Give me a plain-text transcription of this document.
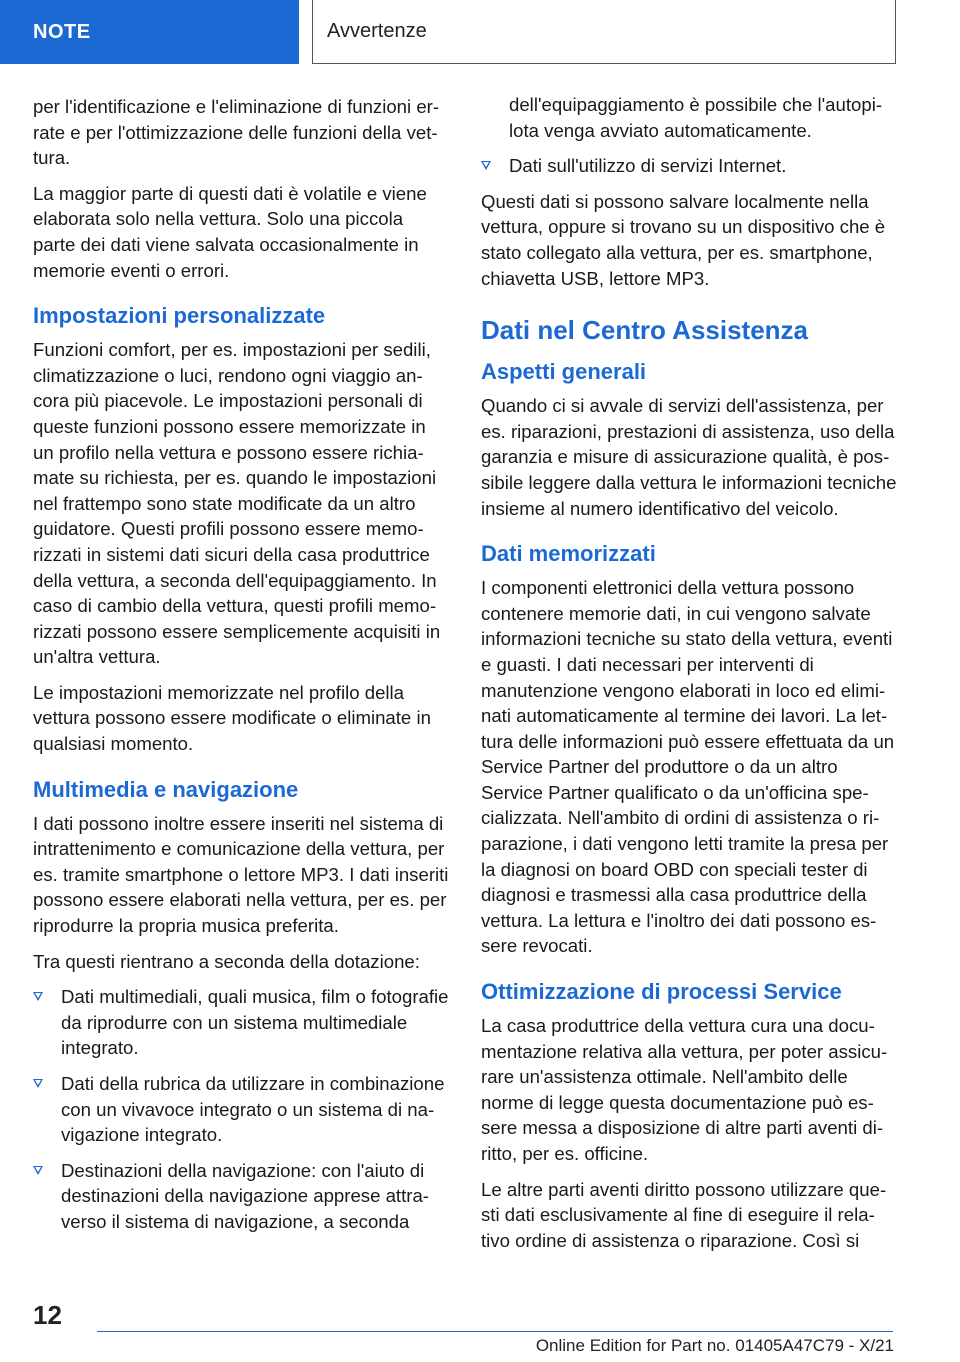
NOTE	Avvertenze

per l'identificazione e l'eliminazione di funzioni errate e per l'ottimizzazione delle funzioni della vettura.

La maggior parte di questi dati è volatile e viene elaborata solo nella vettura. Solo una piccola parte dei dati viene salvata occasionalmente in memorie eventi o errori.

Impostazioni personalizzate

Funzioni comfort, per es. impostazioni per sedili, climatizzazione o luci, rendono ogni viaggio ancora più piacevole. Le impostazioni personali di queste funzioni possono essere memorizzate in un profilo nella vettura e possono essere richiamate su richiesta, per es. quando le impostazioni nel frattempo sono state modificate da un altro guidatore. Questi profili possono essere memorizzati in sistemi dati sicuri della casa produttrice della vettura, a seconda dell'equipaggiamento. In caso di cambio della vettura, questi profili memorizzati possono essere semplicemente acquisiti in un'altra vettura.

Le impostazioni memorizzate nel profilo della vettura possono essere modificate o eliminate in qualsiasi momento.

Multimedia e navigazione

I dati possono inoltre essere inseriti nel sistema di intrattenimento e comunicazione della vettura, per es. tramite smartphone o lettore MP3. I dati inseriti possono essere elaborati nella vettura, per es. per riprodurre la propria musica preferita.

Tra questi rientrano a seconda della dotazione:

Dati multimediali, quali musica, film o fotografie da riprodurre con un sistema multimediale integrato.
Dati della rubrica da utilizzare in combinazione con un vivavoce integrato o un sistema di navigazione integrato.
Destinazioni della navigazione: con l'aiuto di destinazioni della navigazione apprese attraverso il sistema di navigazione, a seconda
dell'equipaggiamento è possibile che l'autopilota venga avviato automaticamente.
Dati sull'utilizzo di servizi Internet.

Questi dati si possono salvare localmente nella vettura, oppure si trovano su un dispositivo che è stato collegato alla vettura, per es. smartphone, chiavetta USB, lettore MP3.

Dati nel Centro Assistenza
Aspetti generali

Quando ci si avvale di servizi dell'assistenza, per es. riparazioni, prestazioni di assistenza, uso della garanzia e misure di assicurazione qualità, è possibile leggere dalla vettura le informazioni tecniche insieme al numero identificativo del veicolo.

Dati memorizzati

I componenti elettronici della vettura possono contenere memorie dati, in cui vengono salvate informazioni tecniche su stato della vettura, eventi e guasti. I dati necessari per interventi di manutenzione vengono elaborati in loco ed eliminati automaticamente al termine dei lavori. La lettura delle informazioni può essere effettuata da un Service Partner del produttore o da un altro Service Partner qualificato o da un'officina specializzata. Nell'ambito di ordini di assistenza o riparazione, i dati vengono letti tramite la presa per la diagnosi on board OBD con speciali tester di diagnosi e trasmessi alla casa produttrice della vettura. La lettura e l'inoltro dei dati possono essere revocati.

Ottimizzazione di processi Service

La casa produttrice della vettura cura una documentazione relativa alla vettura, per poter assicurare un'assistenza ottimale. Nell'ambito delle norme di legge questa documentazione può essere messa a disposizione di altre parti aventi diritto, per es. officine.

Le altre parti aventi diritto possono utilizzare questi dati esclusivamente al fine di eseguire il relativo ordine di assistenza o riparazione. Così si

12
Online Edition for Part no. 01405A47C79 - X/21
